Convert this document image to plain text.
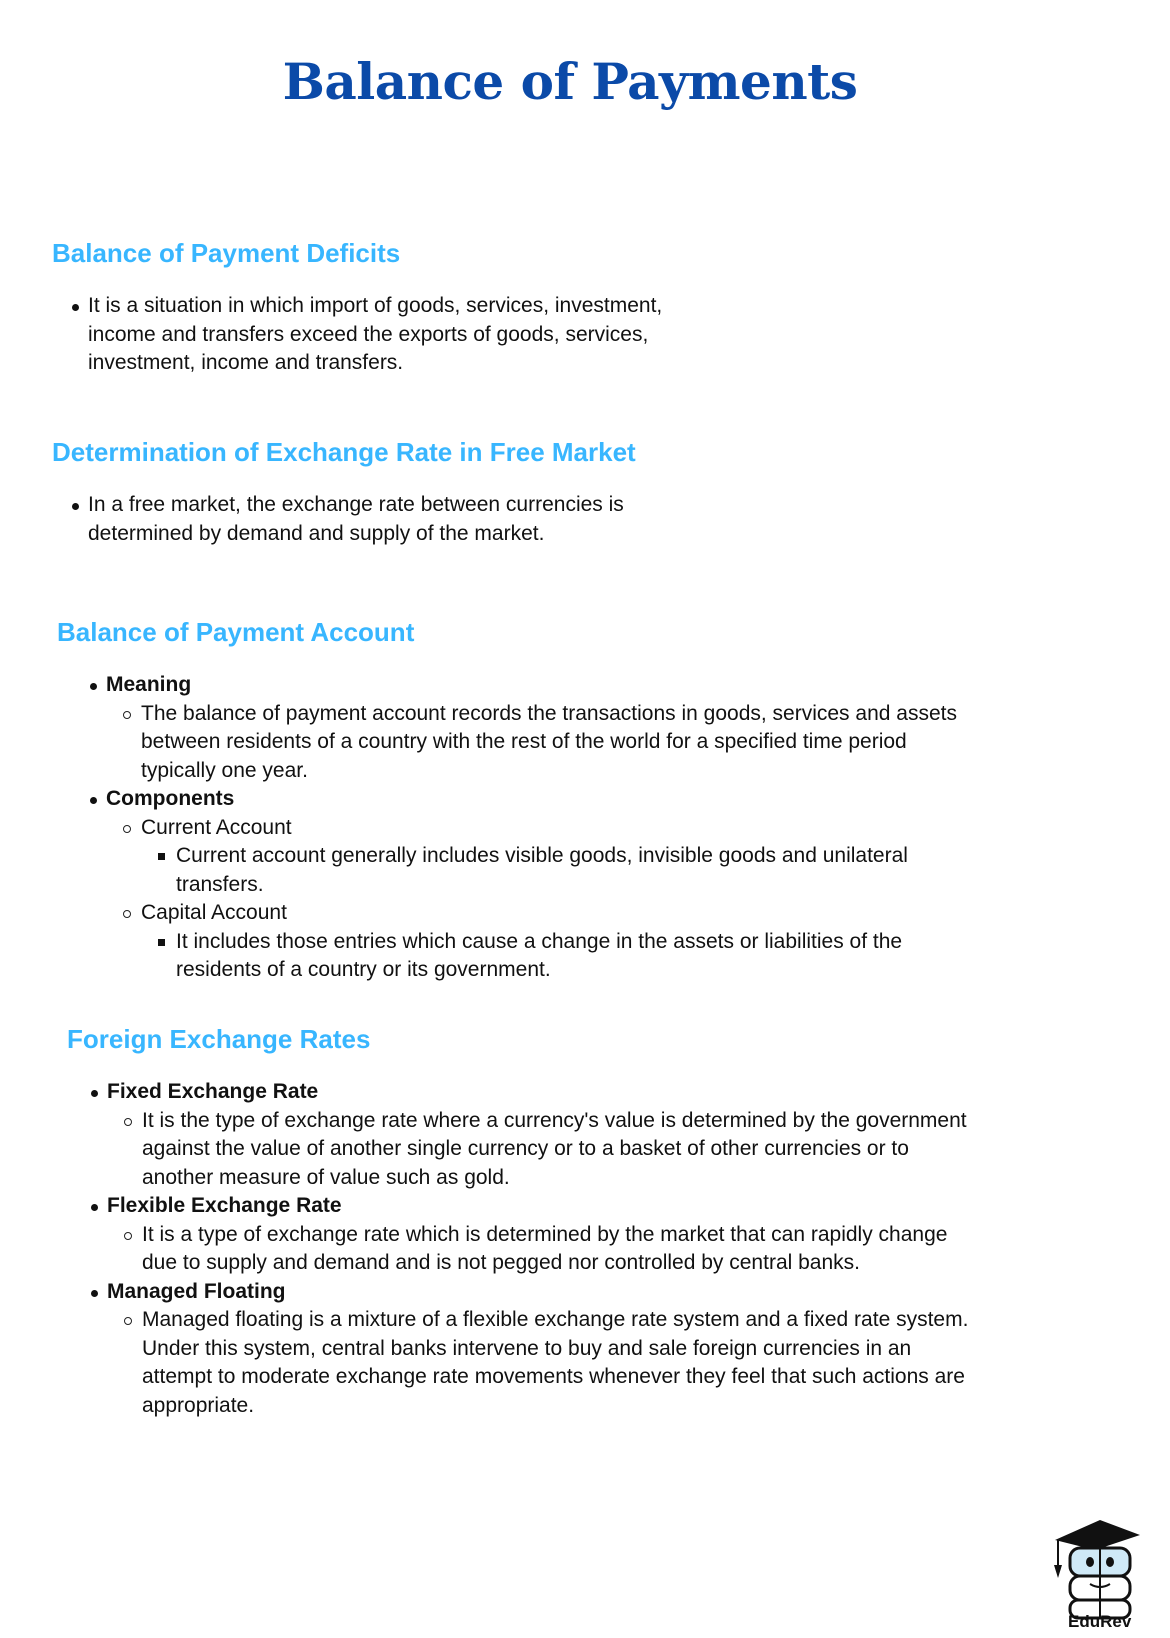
Balance of Payments
Balance of Payment Deficits
It is a situation in which import of goods, services, investment, income and transfers exceed the exports of goods, services, investment, income and transfers.
Determination of Exchange Rate in Free Market
In a free market, the exchange rate between currencies is determined by demand and supply of the market.
Balance of Payment Account
Meaning
The balance of payment account records the transactions in goods, services and assets between residents of a country with the rest of the world for a specified time period typically one year.
Components
Current Account
Current account generally includes visible goods, invisible goods and unilateral transfers.
Capital Account
It includes those entries which cause a change in the assets or liabilities of the residents of a country or its government.
Foreign Exchange Rates
Fixed Exchange Rate
It is the type of exchange rate where a currency's value is determined by the government against the value of another single currency or to a basket of other currencies or to another measure of value such as gold.
Flexible Exchange Rate
It is a type of exchange rate which is determined by the market that can rapidly change due to supply and demand and is not pegged nor controlled by central banks.
Managed Floating
Managed floating is a mixture of a flexible exchange rate system and a fixed rate system. Under this system, central banks intervene to buy and sale foreign currencies in an attempt to moderate exchange rate movements whenever they feel that such actions are appropriate.
EduRev
